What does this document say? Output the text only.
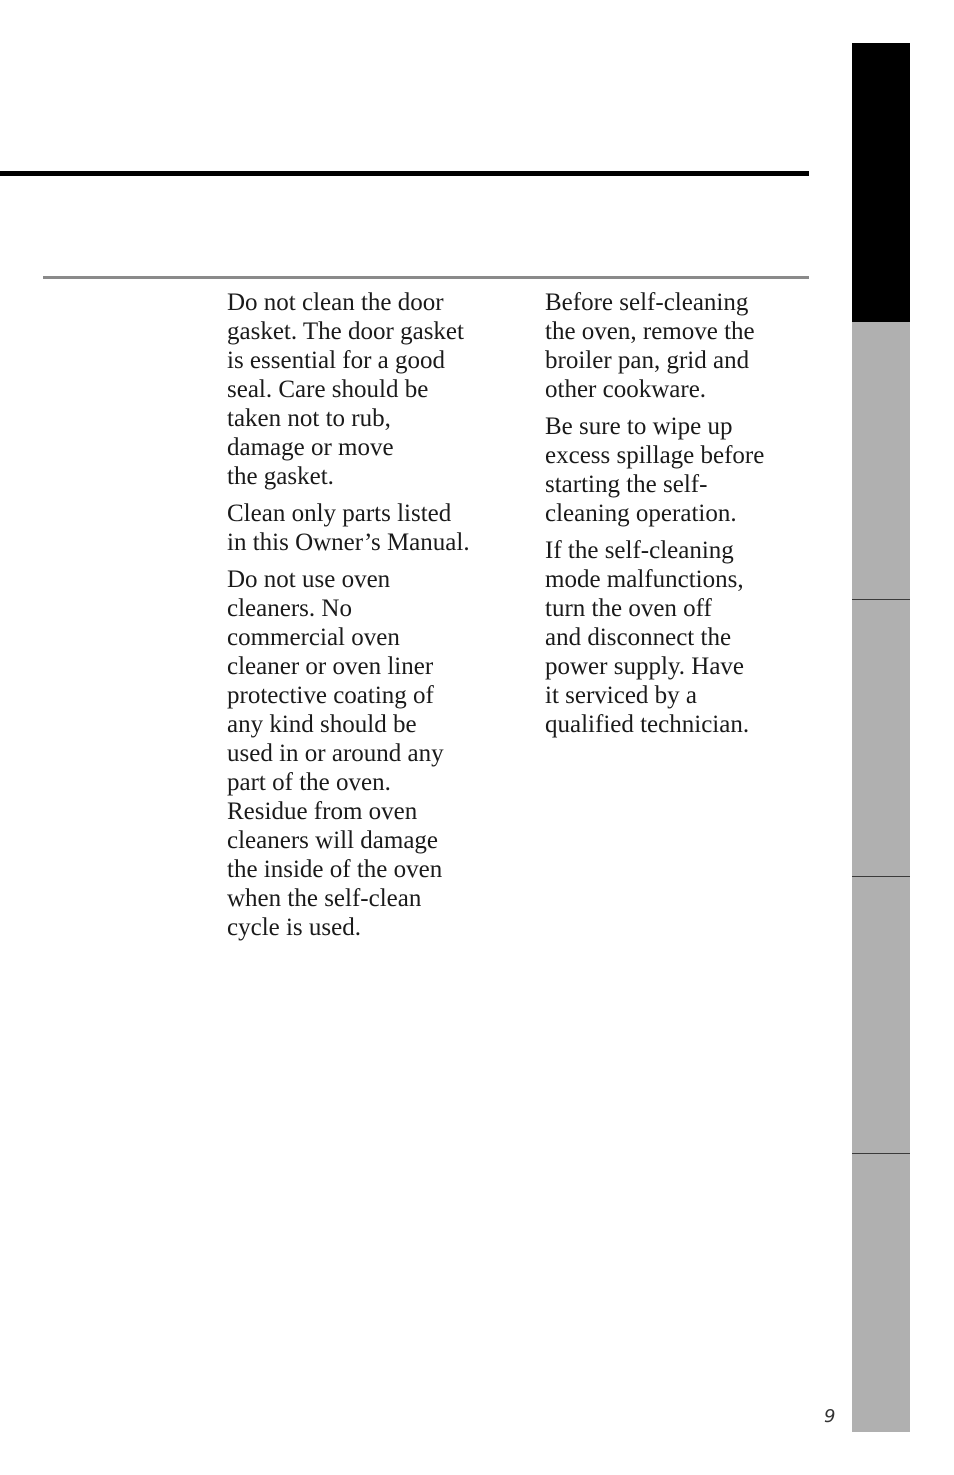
Do not clean the door
gasket. The door gasket
is essential for a good
seal. Care should be
taken not to rub,
damage or move
the gasket.

Clean only parts listed
in this Owner’s Manual.

Do not use oven
cleaners. No
commercial oven
cleaner or oven liner
protective coating of
any kind should be
used in or around any
part of the oven.
Residue from oven
cleaners will damage
the inside of the oven
when the self-clean
cycle is used.

Before self-cleaning
the oven, remove the
broiler pan, grid and
other cookware.

Be sure to wipe up
excess spillage before
starting the self-
cleaning operation.

If the self-cleaning
mode malfunctions,
turn the oven off
and disconnect the
power supply. Have
it serviced by a
qualified technician.

9
